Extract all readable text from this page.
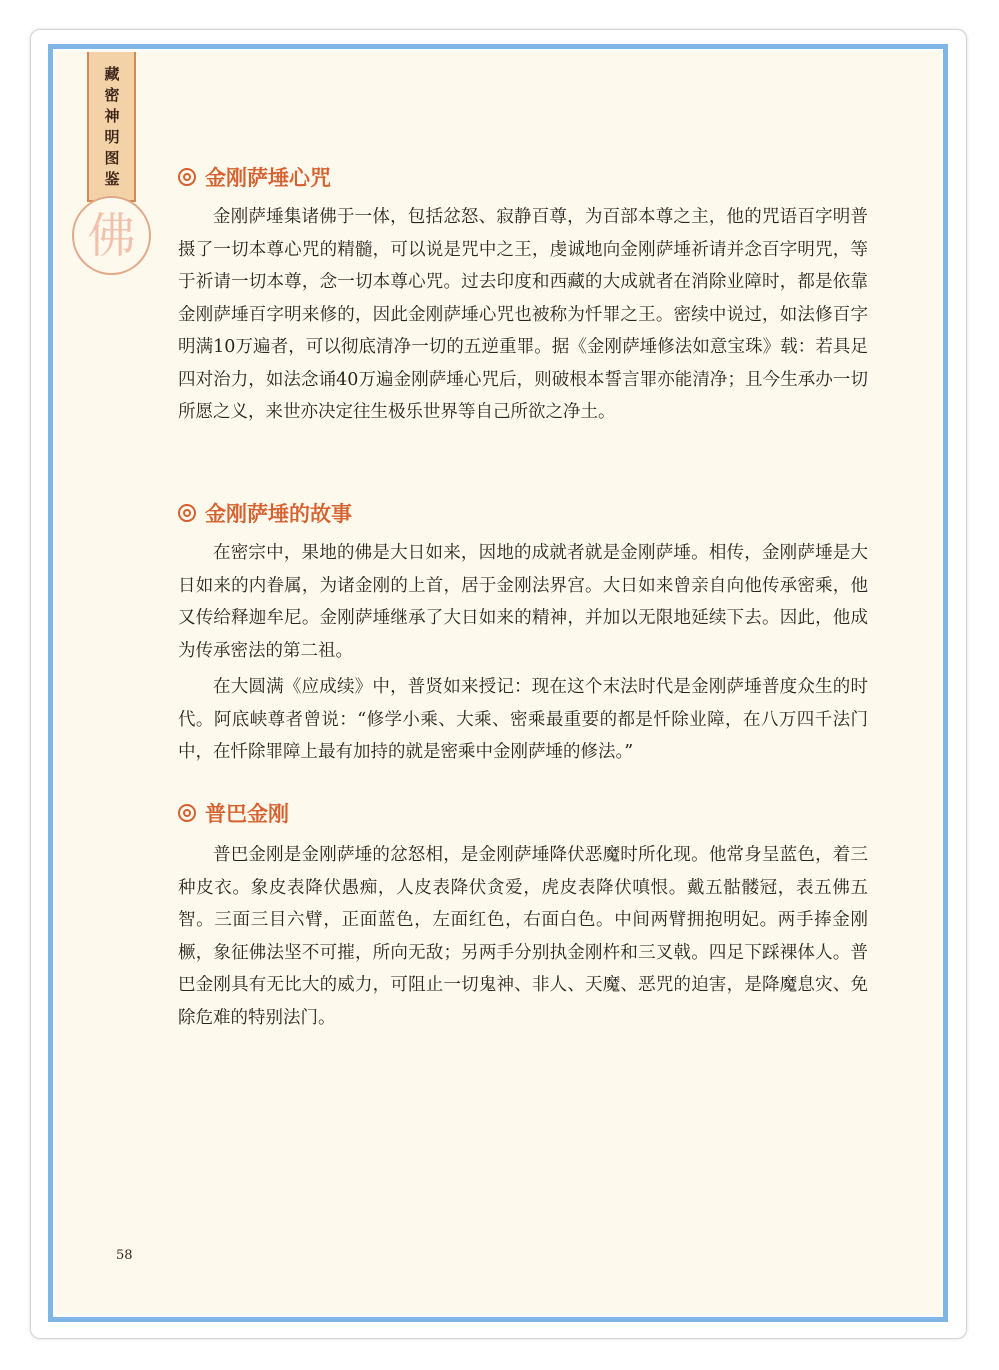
藏密神明图鉴
佛
金刚萨埵心咒

金刚萨埵集诸佛于一体，包括忿怒、寂静百尊，为百部本尊之主，他的咒语百字明普摄了一切本尊心咒的精髓，可以说是咒中之王，虔诚地向金刚萨埵祈请并念百字明咒，等于祈请一切本尊，念一切本尊心咒。过去印度和西藏的大成就者在消除业障时，都是依靠金刚萨埵百字明来修的，因此金刚萨埵心咒也被称为忏罪之王。密续中说过，如法修百字明满10万遍者，可以彻底清净一切的五逆重罪。据《金刚萨埵修法如意宝珠》载：若具足四对治力，如法念诵40万遍金刚萨埵心咒后，则破根本誓言罪亦能清净；且今生承办一切所愿之义，来世亦决定往生极乐世界等自己所欲之净土。

金刚萨埵的故事

在密宗中，果地的佛是大日如来，因地的成就者就是金刚萨埵。相传，金刚萨埵是大日如来的内眷属，为诸金刚的上首，居于金刚法界宫。大日如来曾亲自向他传承密乘，他又传给释迦牟尼。金刚萨埵继承了大日如来的精神，并加以无限地延续下去。因此，他成为传承密法的第二祖。

在大圆满《应成续》中，普贤如来授记：现在这个末法时代是金刚萨埵普度众生的时代。阿底峡尊者曾说：“修学小乘、大乘、密乘最重要的都是忏除业障，在八万四千法门中，在忏除罪障上最有加持的就是密乘中金刚萨埵的修法。”

普巴金刚

普巴金刚是金刚萨埵的忿怒相，是金刚萨埵降伏恶魔时所化现。他常身呈蓝色，着三种皮衣。象皮表降伏愚痴，人皮表降伏贪爱，虎皮表降伏嗔恨。戴五骷髅冠，表五佛五智。三面三目六臂，正面蓝色，左面红色，右面白色。中间两臂拥抱明妃。两手捧金刚橛，象征佛法坚不可摧，所向无敌；另两手分别执金刚杵和三叉戟。四足下踩裸体人。普巴金刚具有无比大的威力，可阻止一切鬼神、非人、天魔、恶咒的迫害，是降魔息灾、免除危难的特别法门。

58
